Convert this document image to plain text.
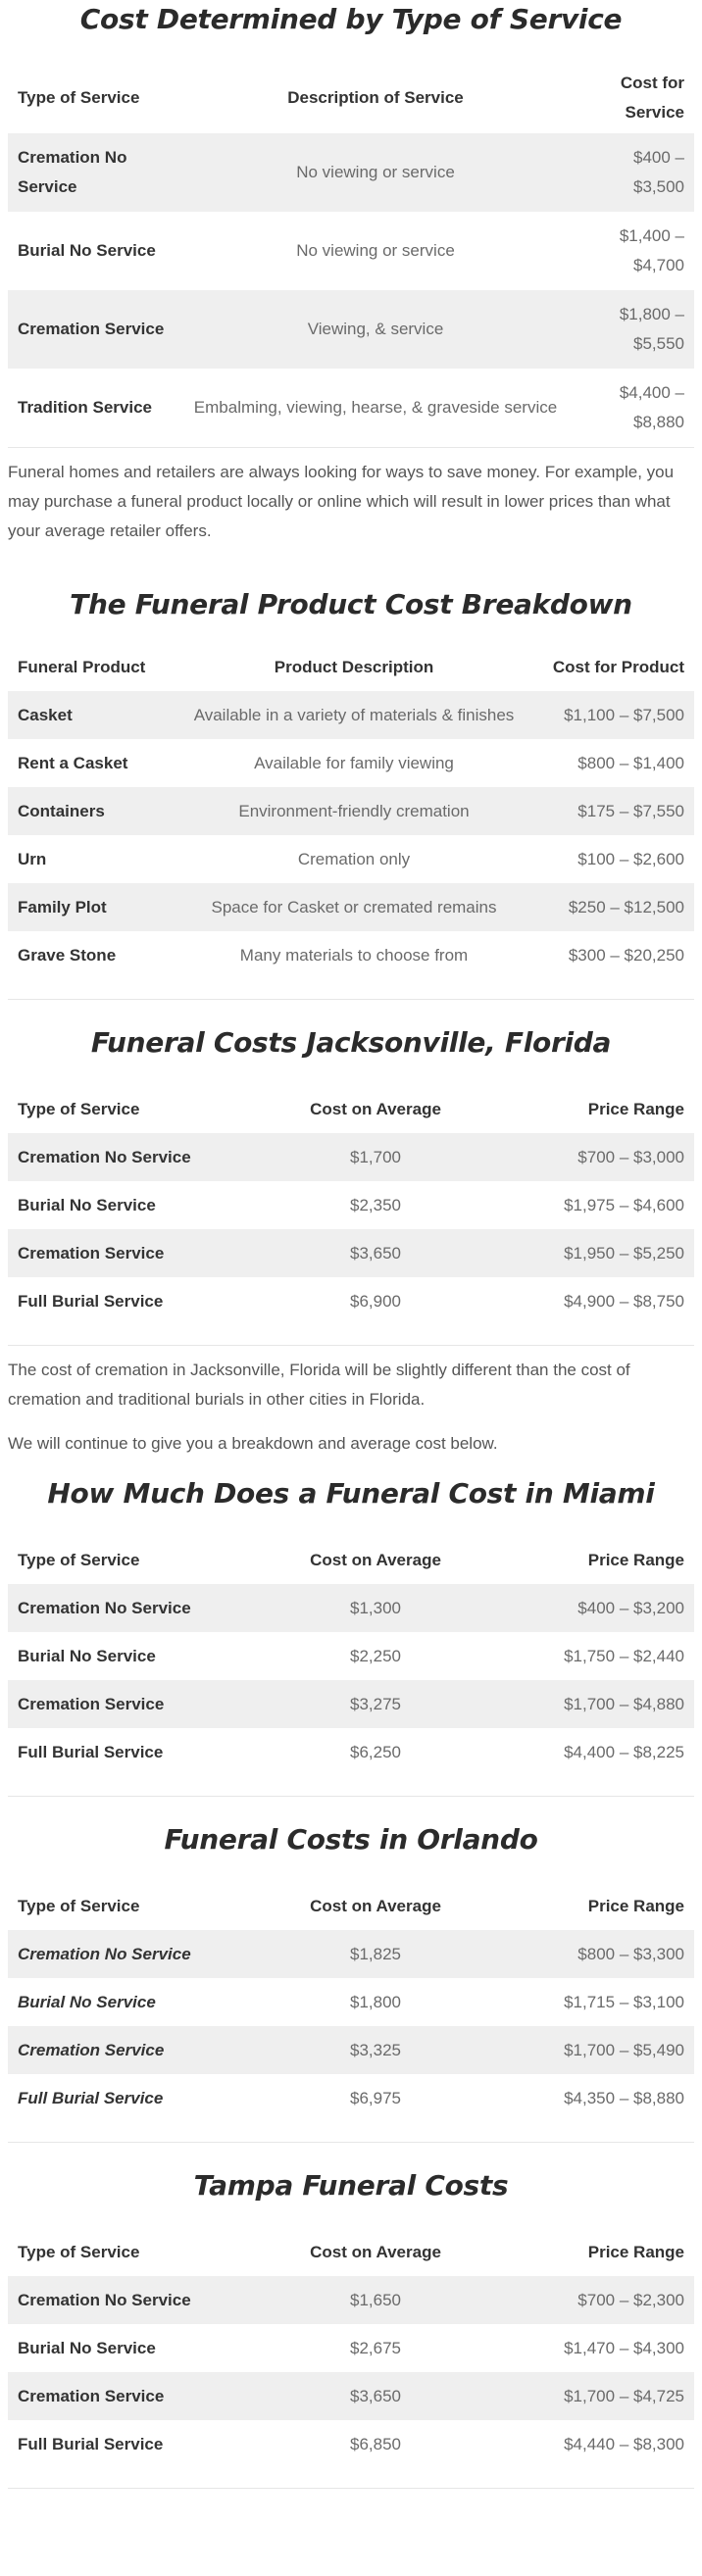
Cost Determined by Type of Service
Type of Service	Description of Service	Cost for Service
Cremation No Service	No viewing or service	$400 – $3,500
Burial No Service	No viewing or service	$1,400 – $4,700
Cremation Service	Viewing, & service	$1,800 – $5,550
Tradition Service	Embalming, viewing, hearse, & graveside service	$4,400 – $8,880

Funeral homes and retailers are always looking for ways to save money. For example, you may purchase a funeral product locally or online which will result in lower prices than what your average retailer offers.

The Funeral Product Cost Breakdown
Funeral Product	Product Description	Cost for Product
Casket	Available in a variety of materials & finishes	$1,100 – $7,500
Rent a Casket	Available for family viewing	$800 – $1,400
Containers	Environment-friendly cremation	$175 – $7,550
Urn	Cremation only	$100 – $2,600
Family Plot	Space for Casket or cremated remains	$250 – $12,500
Grave Stone	Many materials to choose from	$300 – $20,250
Funeral Costs Jacksonville, Florida
Type of Service	Cost on Average	Price Range
Cremation No Service	$1,700	$700 – $3,000
Burial No Service	$2,350	$1,975 – $4,600
Cremation Service	$3,650	$1,950 – $5,250
Full Burial Service	$6,900	$4,900 – $8,750

The cost of cremation in Jacksonville, Florida will be slightly different than the cost of cremation and traditional burials in other cities in Florida.

We will continue to give you a breakdown and average cost below.

How Much Does a Funeral Cost in Miami
Type of Service	Cost on Average	Price Range
Cremation No Service	$1,300	$400 – $3,200
Burial No Service	$2,250	$1,750 – $2,440
Cremation Service	$3,275	$1,700 – $4,880
Full Burial Service	$6,250	$4,400 – $8,225
Funeral Costs in Orlando
Type of Service	Cost on Average	Price Range
Cremation No Service	$1,825	$800 – $3,300
Burial No Service	$1,800	$1,715 – $3,100
Cremation Service	$3,325	$1,700 – $5,490
Full Burial Service	$6,975	$4,350 – $8,880
Tampa Funeral Costs
Type of Service	Cost on Average	Price Range
Cremation No Service	$1,650	$700 – $2,300
Burial No Service	$2,675	$1,470 – $4,300
Cremation Service	$3,650	$1,700 – $4,725
Full Burial Service	$6,850	$4,440 – $8,300
